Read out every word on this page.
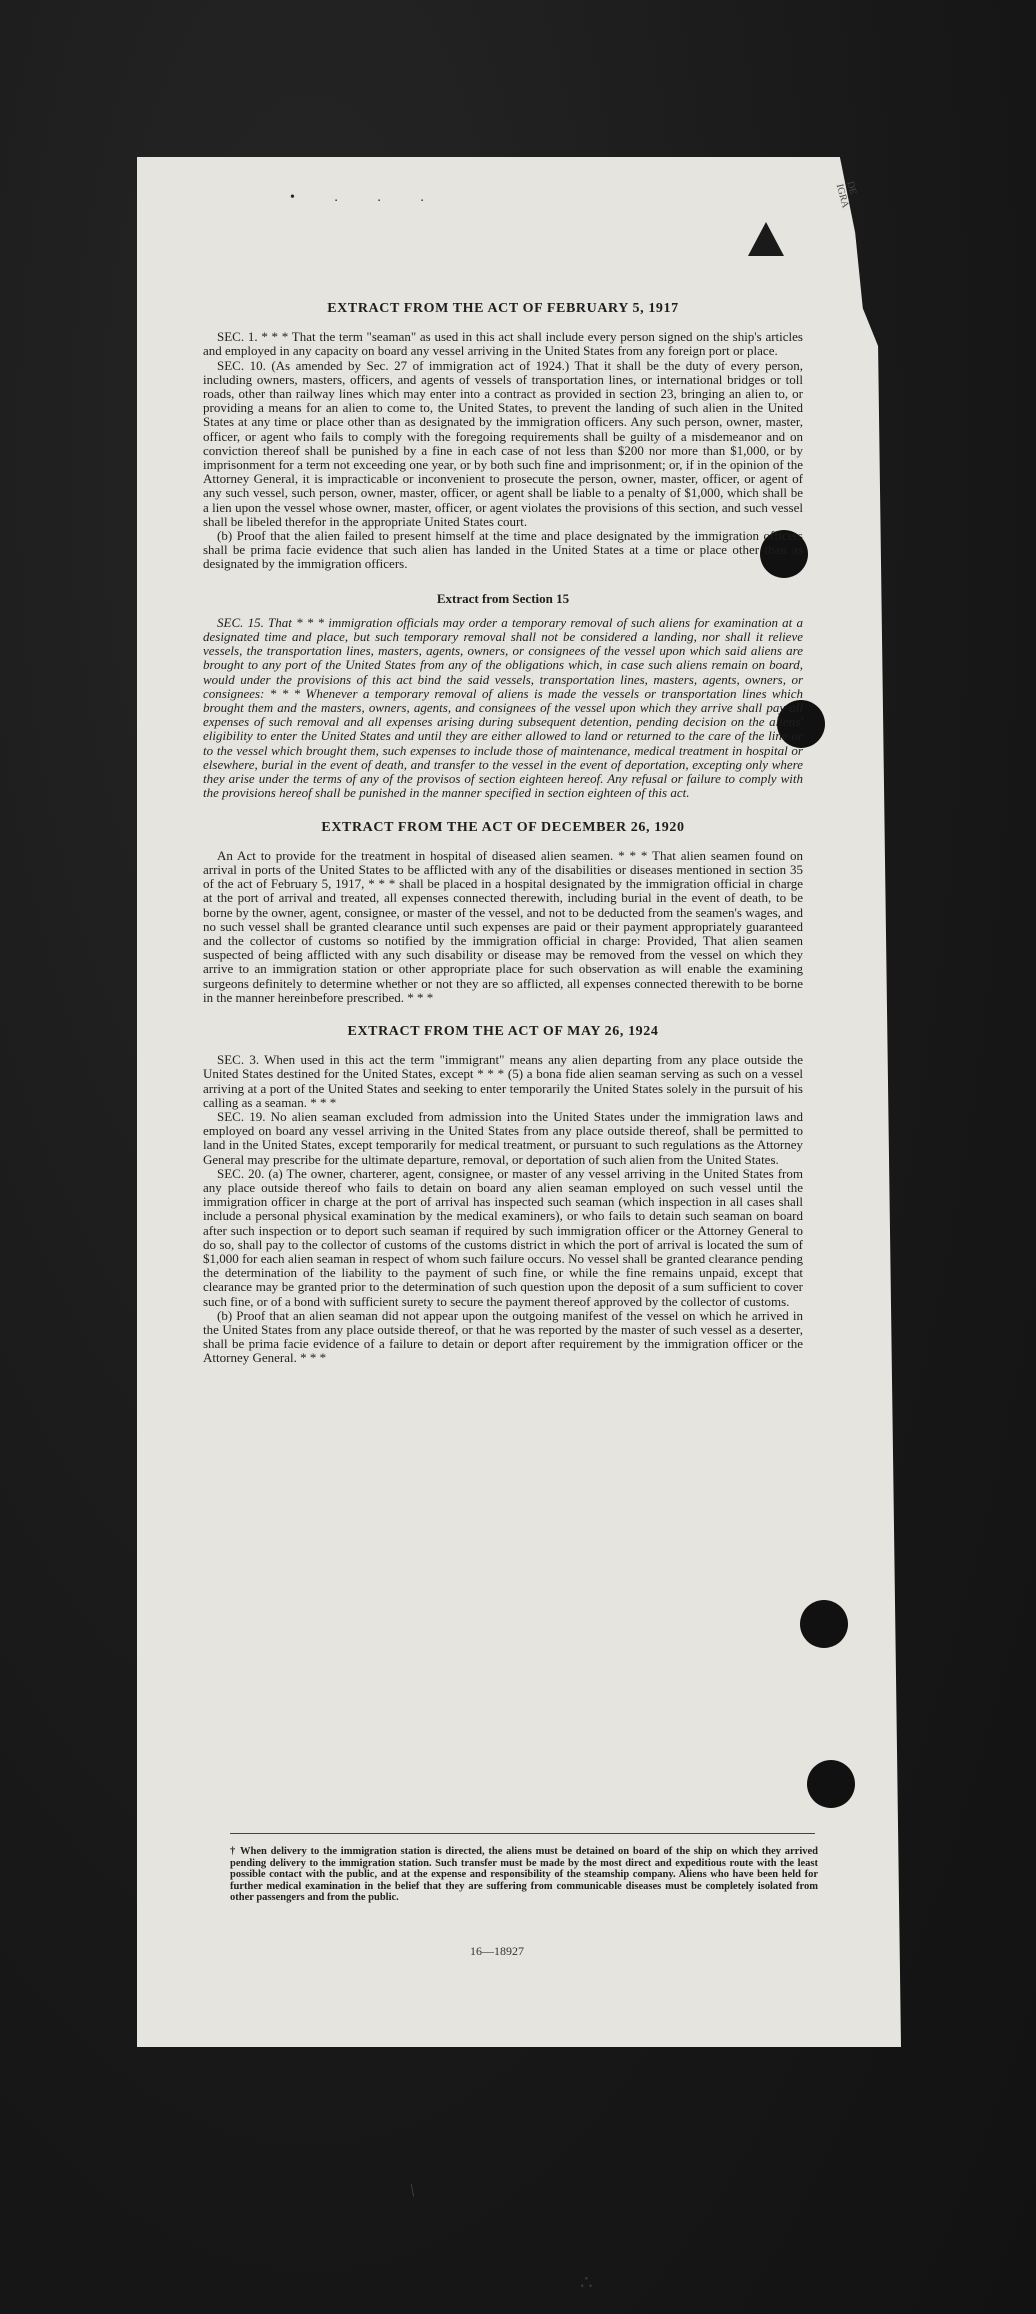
• . . .
DE IGRA
EXTRACT FROM THE ACT OF FEBRUARY 5, 1917

SEC. 1. * * * That the term "seaman" as used in this act shall include every person signed on the ship's articles and employed in any capacity on board any vessel arriving in the United States from any foreign port or place.

SEC. 10. (As amended by Sec. 27 of immigration act of 1924.) That it shall be the duty of every person, including owners, masters, officers, and agents of vessels of transportation lines, or international bridges or toll roads, other than railway lines which may enter into a contract as provided in section 23, bringing an alien to, or providing a means for an alien to come to, the United States, to prevent the landing of such alien in the United States at any time or place other than as designated by the immigration officers. Any such person, owner, master, officer, or agent who fails to comply with the foregoing requirements shall be guilty of a misdemeanor and on conviction thereof shall be punished by a fine in each case of not less than $200 nor more than $1,000, or by imprisonment for a term not exceeding one year, or by both such fine and imprisonment; or, if in the opinion of the Attorney General, it is impracticable or inconvenient to prosecute the person, owner, master, officer, or agent of any such vessel, such person, owner, master, officer, or agent shall be liable to a penalty of $1,000, which shall be a lien upon the vessel whose owner, master, officer, or agent violates the provisions of this section, and such vessel shall be libeled therefor in the appropriate United States court.

(b) Proof that the alien failed to present himself at the time and place designated by the immigration officers shall be prima facie evidence that such alien has landed in the United States at a time or place other than as designated by the immigration officers.

Extract from Section 15

SEC. 15. That * * * immigration officials may order a temporary removal of such aliens for examination at a designated time and place, but such temporary removal shall not be considered a landing, nor shall it relieve vessels, the transportation lines, masters, agents, owners, or consignees of the vessel upon which said aliens are brought to any port of the United States from any of the obligations which, in case such aliens remain on board, would under the provisions of this act bind the said vessels, transportation lines, masters, agents, owners, or consignees: * * * Whenever a temporary removal of aliens is made the vessels or transportation lines which brought them and the masters, owners, agents, and consignees of the vessel upon which they arrive shall pay all expenses of such removal and all expenses arising during subsequent detention, pending decision on the aliens' eligibility to enter the United States and until they are either allowed to land or returned to the care of the line or to the vessel which brought them, such expenses to include those of maintenance, medical treatment in hospital or elsewhere, burial in the event of death, and transfer to the vessel in the event of deportation, excepting only where they arise under the terms of any of the provisos of section eighteen hereof. Any refusal or failure to comply with the provisions hereof shall be punished in the manner specified in section eighteen of this act.

EXTRACT FROM THE ACT OF DECEMBER 26, 1920

An Act to provide for the treatment in hospital of diseased alien seamen. * * * That alien seamen found on arrival in ports of the United States to be afflicted with any of the disabilities or diseases mentioned in section 35 of the act of February 5, 1917, * * * shall be placed in a hospital designated by the immigration official in charge at the port of arrival and treated, all expenses connected therewith, including burial in the event of death, to be borne by the owner, agent, consignee, or master of the vessel, and not to be deducted from the seamen's wages, and no such vessel shall be granted clearance until such expenses are paid or their payment appropriately guaranteed and the collector of customs so notified by the immigration official in charge: Provided, That alien seamen suspected of being afflicted with any such disability or disease may be removed from the vessel on which they arrive to an immigration station or other appropriate place for such observation as will enable the examining surgeons definitely to determine whether or not they are so afflicted, all expenses connected therewith to be borne in the manner hereinbefore prescribed. * * *

EXTRACT FROM THE ACT OF MAY 26, 1924

SEC. 3. When used in this act the term "immigrant" means any alien departing from any place outside the United States destined for the United States, except * * * (5) a bona fide alien seaman serving as such on a vessel arriving at a port of the United States and seeking to enter temporarily the United States solely in the pursuit of his calling as a seaman. * * *

SEC. 19. No alien seaman excluded from admission into the United States under the immigration laws and employed on board any vessel arriving in the United States from any place outside thereof, shall be permitted to land in the United States, except temporarily for medical treatment, or pursuant to such regulations as the Attorney General may prescribe for the ultimate departure, removal, or deportation of such alien from the United States.

SEC. 20. (a) The owner, charterer, agent, consignee, or master of any vessel arriving in the United States from any place outside thereof who fails to detain on board any alien seaman employed on such vessel until the immigration officer in charge at the port of arrival has inspected such seaman (which inspection in all cases shall include a personal physical examination by the medical examiners), or who fails to detain such seaman on board after such inspection or to deport such seaman if required by such immigration officer or the Attorney General to do so, shall pay to the collector of customs of the customs district in which the port of arrival is located the sum of $1,000 for each alien seaman in respect of whom such failure occurs. No vessel shall be granted clearance pending the determination of the liability to the payment of such fine, or while the fine remains unpaid, except that clearance may be granted prior to the determination of such question upon the deposit of a sum sufficient to cover such fine, or of a bond with sufficient surety to secure the payment thereof approved by the collector of customs.

(b) Proof that an alien seaman did not appear upon the outgoing manifest of the vessel on which he arrived in the United States from any place outside thereof, or that he was reported by the master of such vessel as a deserter, shall be prima facie evidence of a failure to detain or deport after requirement by the immigration officer or the Attorney General. * * *

† When delivery to the immigration station is directed, the aliens must be detained on board of the ship on which they arrived pending delivery to the immigration station. Such transfer must be made by the most direct and expeditious route with the least possible contact with the public, and at the expense and responsibility of the steamship company. Aliens who have been held for further medical examination in the belief that they are suffering from communicable diseases must be completely isolated from other passengers and from the public.
16—18927
/
∴
